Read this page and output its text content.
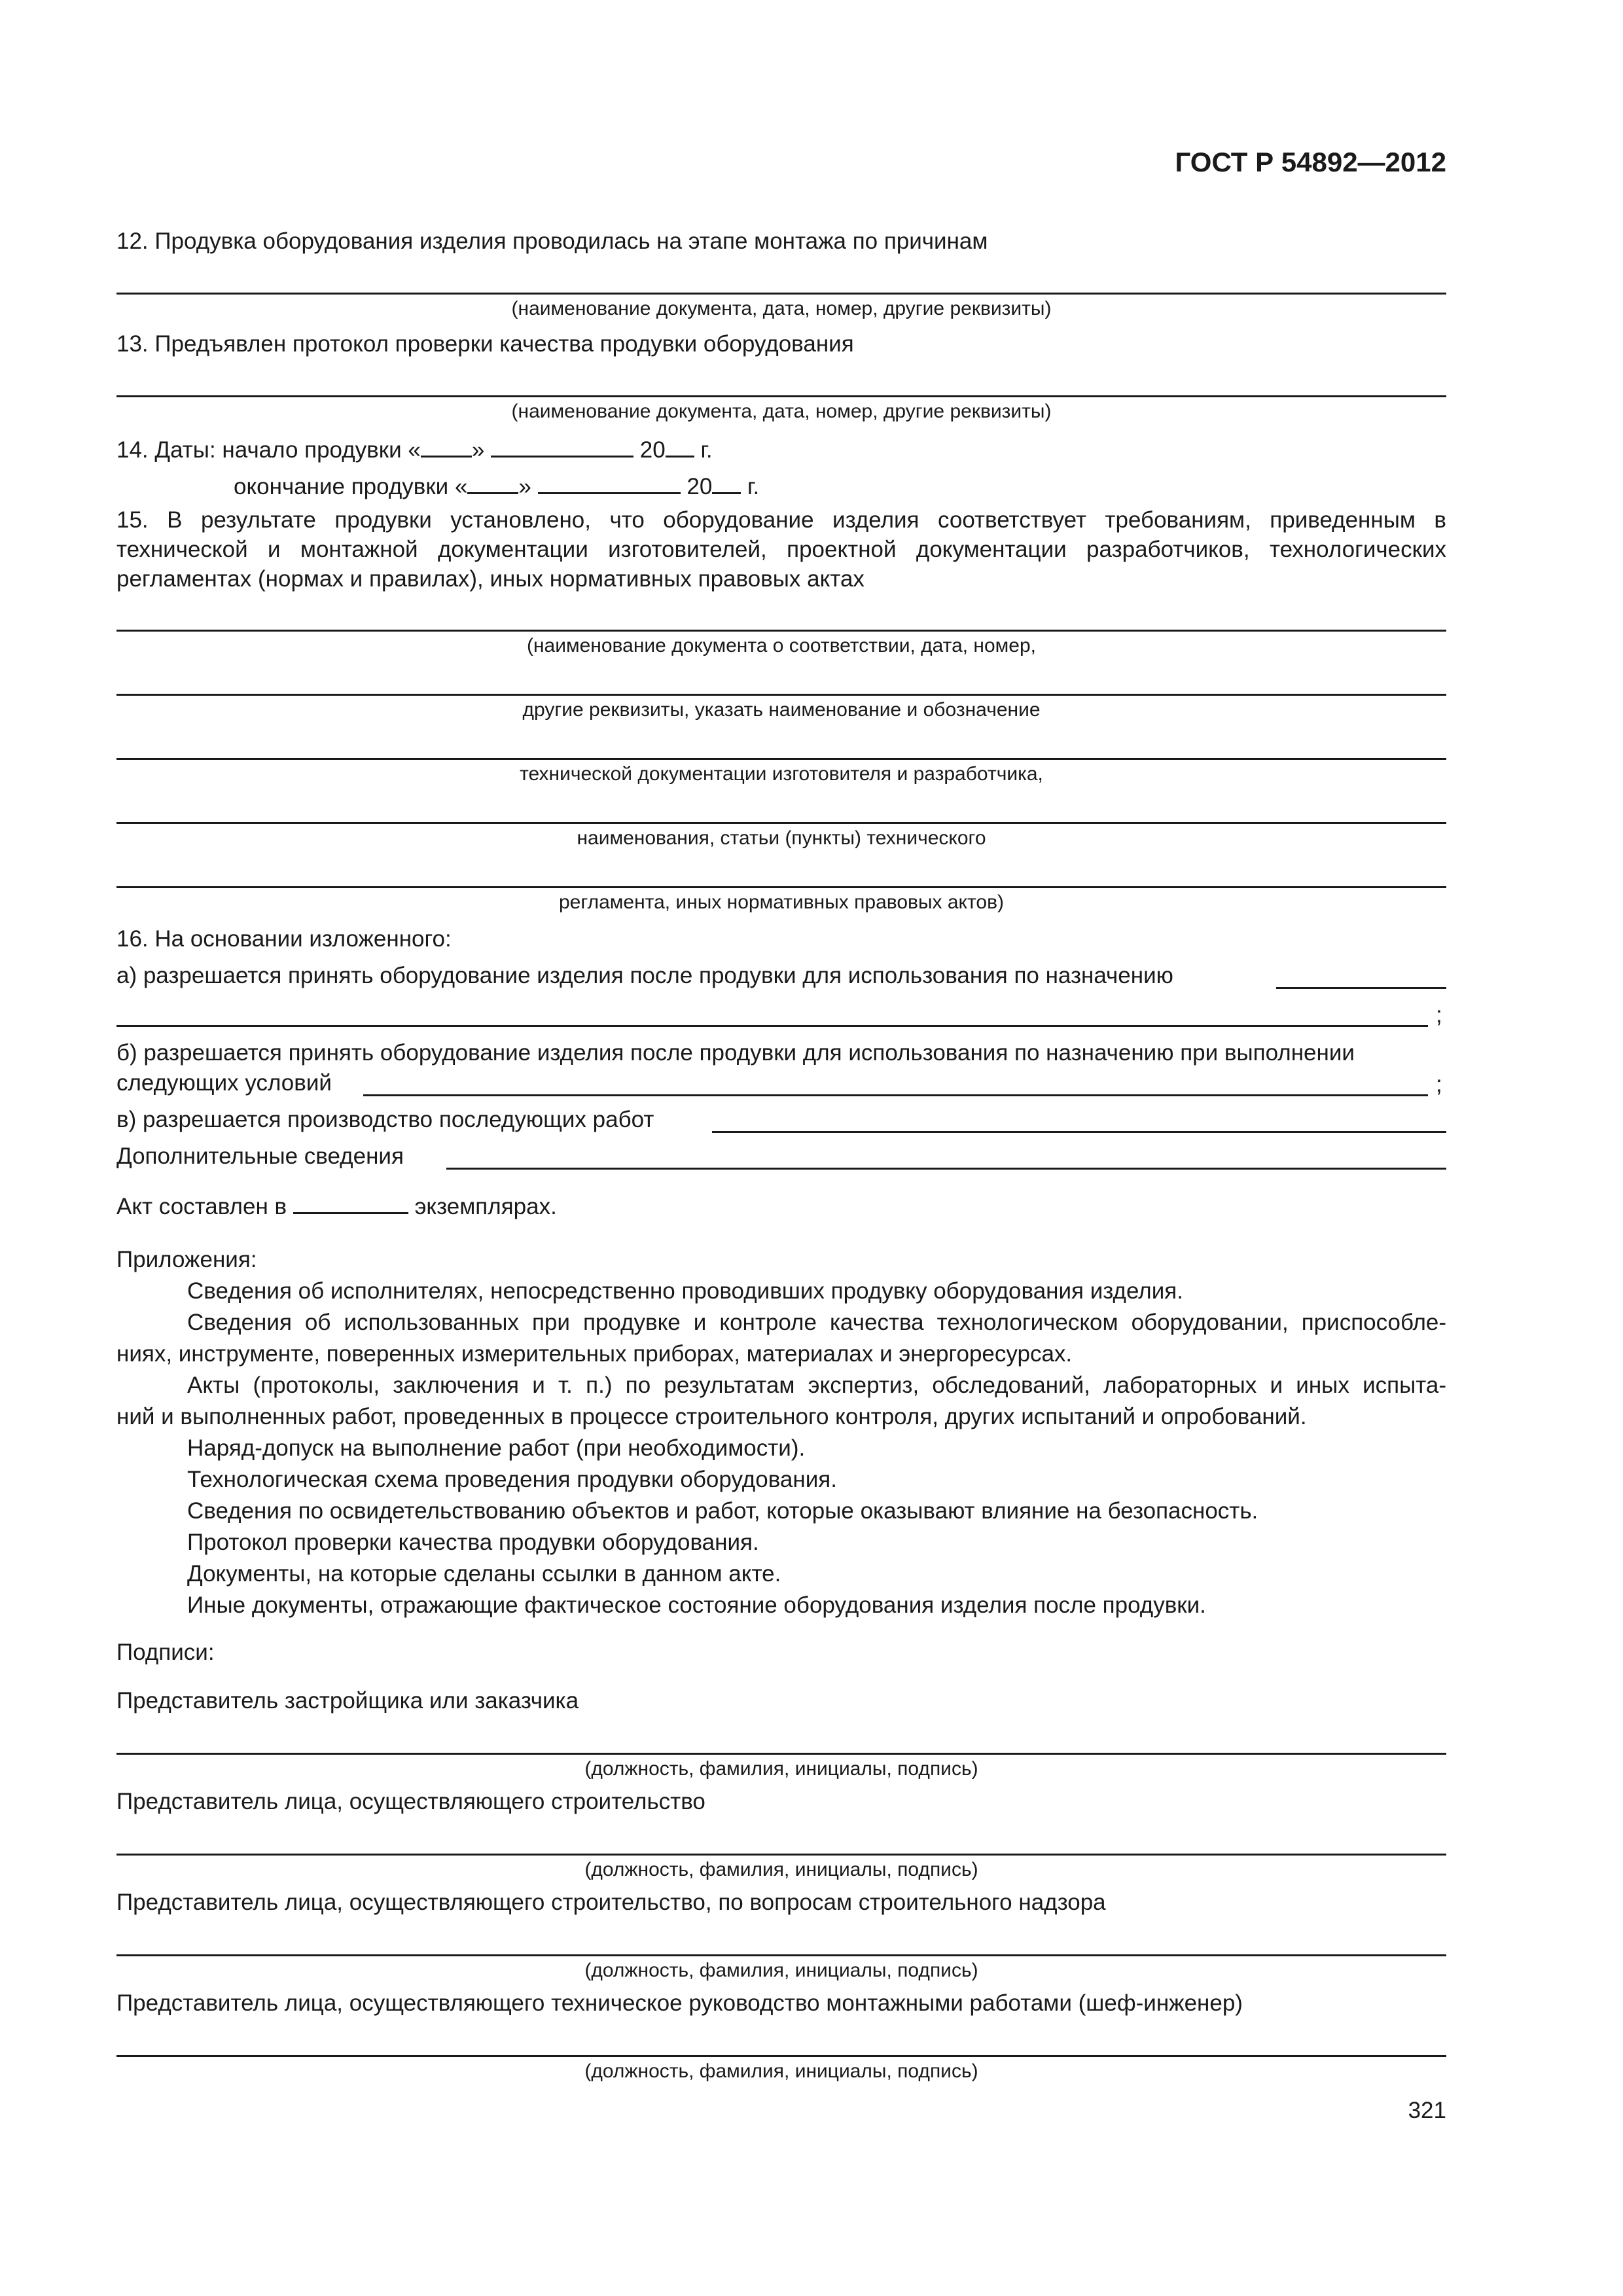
ГОСТ Р 54892—2012
12. Продувка оборудования изделия проводилась на этапе монтажа по причинам
(наименование документа, дата, номер, другие реквизиты)
13. Предъявлен протокол проверки качества продувки оборудования
(наименование документа, дата, номер, другие реквизиты)
14. Даты: начало продувки « »	20 г.
окончание продувки « »	20 г.
15. В результате продувки установлено, что оборудование изделия соответствует требованиям, приведенным в технической и монтажной документации изготовителей, проектной документации разработчиков, технологических регламентах (нормах и правилах), иных нормативных правовых актах
(наименование документа о соответствии, дата, номер,
другие реквизиты, указать наименование и обозначение
технической документации изготовителя и разработчика,
наименования, статьи (пункты) технического
регламента, иных нормативных правовых актов)
16. На основании изложенного:
а) разрешается принять оборудование изделия после продувки для использования по назначению
;
б) разрешается принять оборудование изделия после продувки для использования по назначению при выполнении
следующих условий	;
в) разрешается производство последующих работ
Дополнительные сведения
Акт составлен в	экземплярах.
Приложения:
Сведения об исполнителях, непосредственно проводивших продувку оборудования изделия.
Сведения об использованных при продувке и контроле качества технологическом оборудовании, приспособле-
ниях, инструменте, поверенных измерительных приборах, материалах и энергоресурсах.
Акты (протоколы, заключения и т. п.) по результатам экспертиз, обследований, лабораторных и иных испыта-
ний и выполненных работ, проведенных в процессе строительного контроля, других испытаний и опробований.
Наряд-допуск на выполнение работ (при необходимости).
Технологическая схема проведения продувки оборудования.
Сведения по освидетельствованию объектов и работ, которые оказывают влияние на безопасность.
Протокол проверки качества продувки оборудования.
Документы, на которые сделаны ссылки в данном акте.
Иные документы, отражающие фактическое состояние оборудования изделия после продувки.
Подписи:
Представитель застройщика или заказчика
(должность, фамилия, инициалы, подпись)
Представитель лица, осуществляющего строительство
(должность, фамилия, инициалы, подпись)
Представитель лица, осуществляющего строительство, по вопросам строительного надзора
(должность, фамилия, инициалы, подпись)
Представитель лица, осуществляющего техническое руководство монтажными работами (шеф-инженер)
(должность, фамилия, инициалы, подпись)
321
